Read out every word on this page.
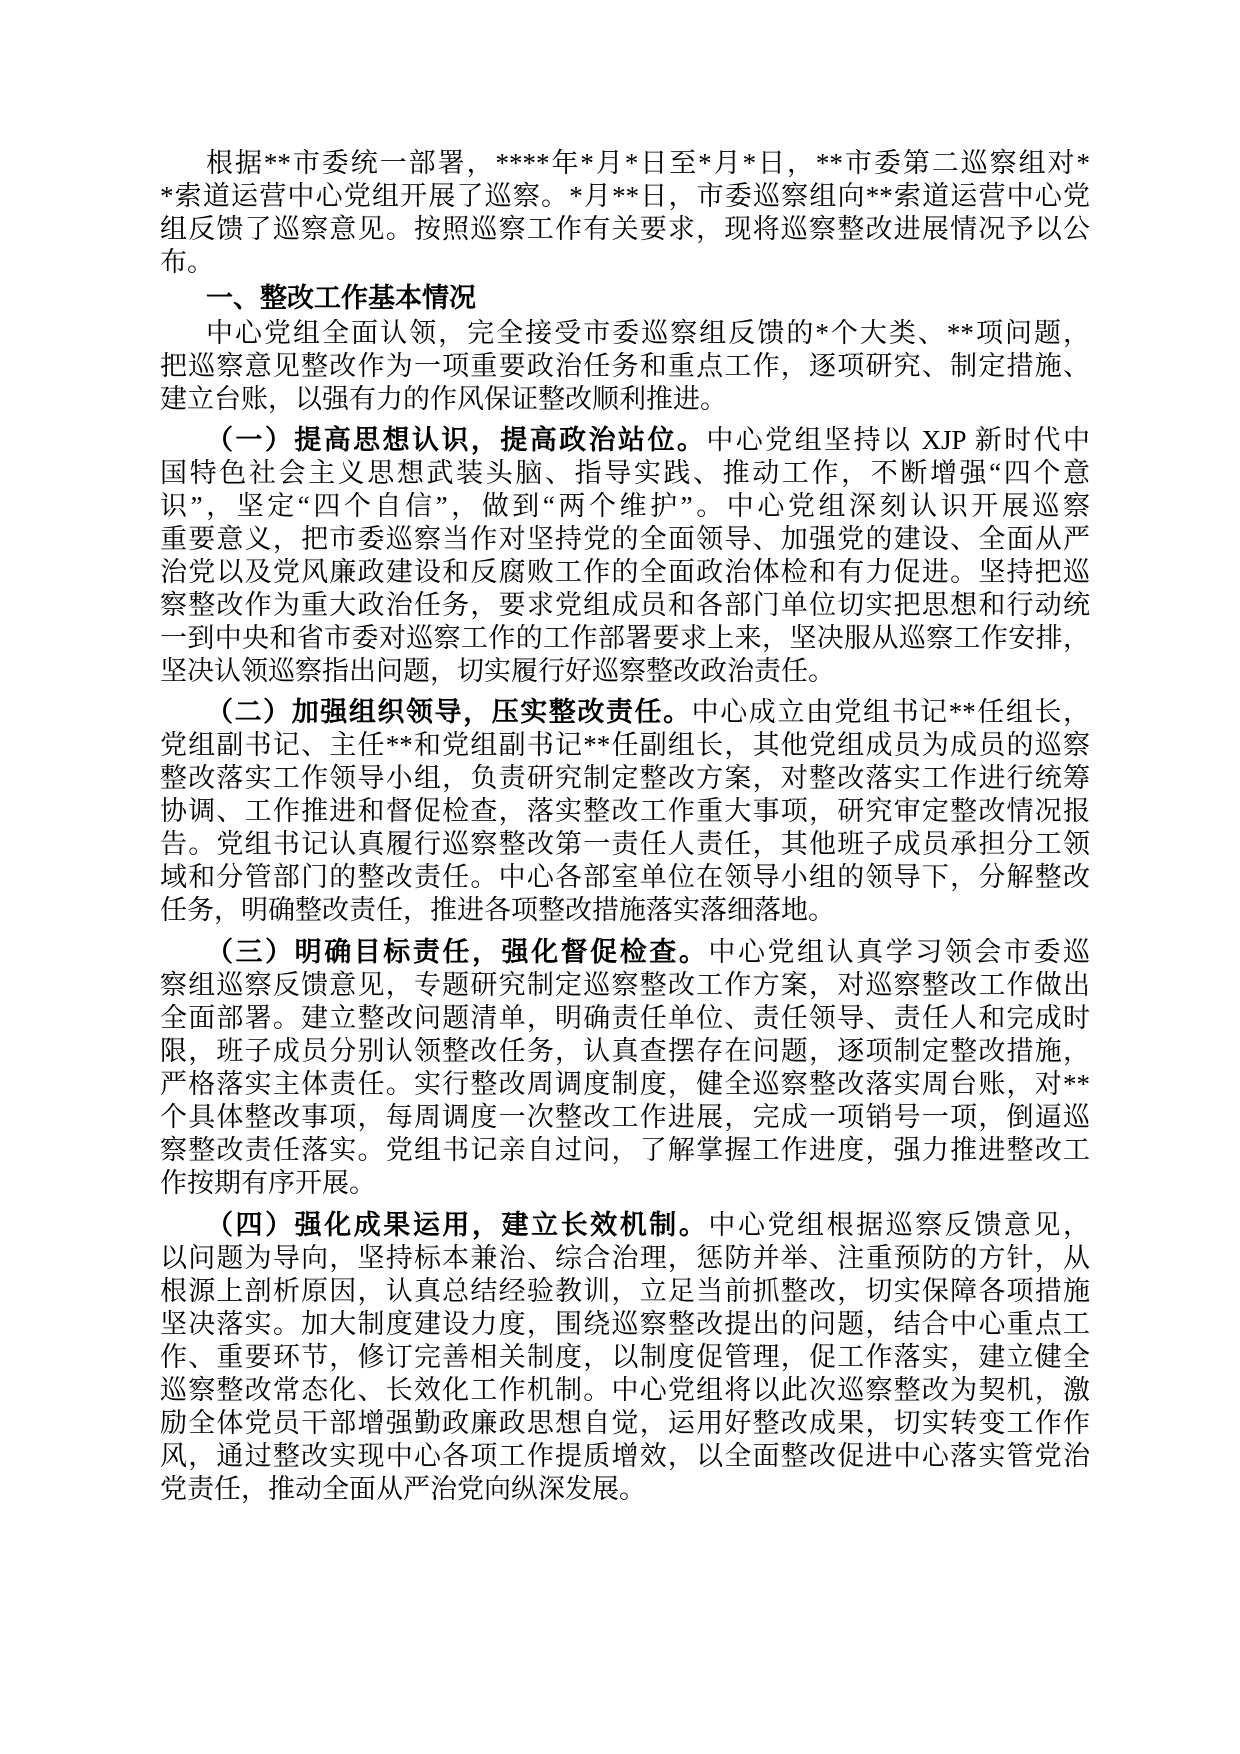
根据**市委统一部署，****年*月*日至*月*日，**市委第二巡察组对*
*索道运营中心党组开展了巡察。*月**日，市委巡察组向**索道运营中心党
组反馈了巡察意见。按照巡察工作有关要求，现将巡察整改进展情况予以公
布。

一、整改工作基本情况

中心党组全面认领，完全接受市委巡察组反馈的*个大类、**项问题，
把巡察意见整改作为一项重要政治任务和重点工作，逐项研究、制定措施、
建立台账，以强有力的作风保证整改顺利推进。

（一）提高思想认识，提高政治站位。中心党组坚持以 XJP 新时代中
国特色社会主义思想武装头脑、指导实践、推动工作，不断增强“四个意
识”，坚定“四个自信”，做到“两个维护”。中心党组深刻认识开展巡察
重要意义，把市委巡察当作对坚持党的全面领导、加强党的建设、全面从严
治党以及党风廉政建设和反腐败工作的全面政治体检和有力促进。坚持把巡
察整改作为重大政治任务，要求党组成员和各部门单位切实把思想和行动统
一到中央和省市委对巡察工作的工作部署要求上来，坚决服从巡察工作安排，
坚决认领巡察指出问题，切实履行好巡察整改政治责任。

（二）加强组织领导，压实整改责任。中心成立由党组书记**任组长，
党组副书记、主任**和党组副书记**任副组长，其他党组成员为成员的巡察
整改落实工作领导小组，负责研究制定整改方案，对整改落实工作进行统筹
协调、工作推进和督促检查，落实整改工作重大事项，研究审定整改情况报
告。党组书记认真履行巡察整改第一责任人责任，其他班子成员承担分工领
域和分管部门的整改责任。中心各部室单位在领导小组的领导下，分解整改
任务，明确整改责任，推进各项整改措施落实落细落地。

（三）明确目标责任，强化督促检查。中心党组认真学习领会市委巡
察组巡察反馈意见，专题研究制定巡察整改工作方案，对巡察整改工作做出
全面部署。建立整改问题清单，明确责任单位、责任领导、责任人和完成时
限，班子成员分别认领整改任务，认真查摆存在问题，逐项制定整改措施，
严格落实主体责任。实行整改周调度制度，健全巡察整改落实周台账，对**
个具体整改事项，每周调度一次整改工作进展，完成一项销号一项，倒逼巡
察整改责任落实。党组书记亲自过问，了解掌握工作进度，强力推进整改工
作按期有序开展。

（四）强化成果运用，建立长效机制。中心党组根据巡察反馈意见，
以问题为导向，坚持标本兼治、综合治理，惩防并举、注重预防的方针，从
根源上剖析原因，认真总结经验教训，立足当前抓整改，切实保障各项措施
坚决落实。加大制度建设力度，围绕巡察整改提出的问题，结合中心重点工
作、重要环节，修订完善相关制度，以制度促管理，促工作落实，建立健全
巡察整改常态化、长效化工作机制。中心党组将以此次巡察整改为契机，激
励全体党员干部增强勤政廉政思想自觉，运用好整改成果，切实转变工作作
风，通过整改实现中心各项工作提质增效，以全面整改促进中心落实管党治
党责任，推动全面从严治党向纵深发展。
